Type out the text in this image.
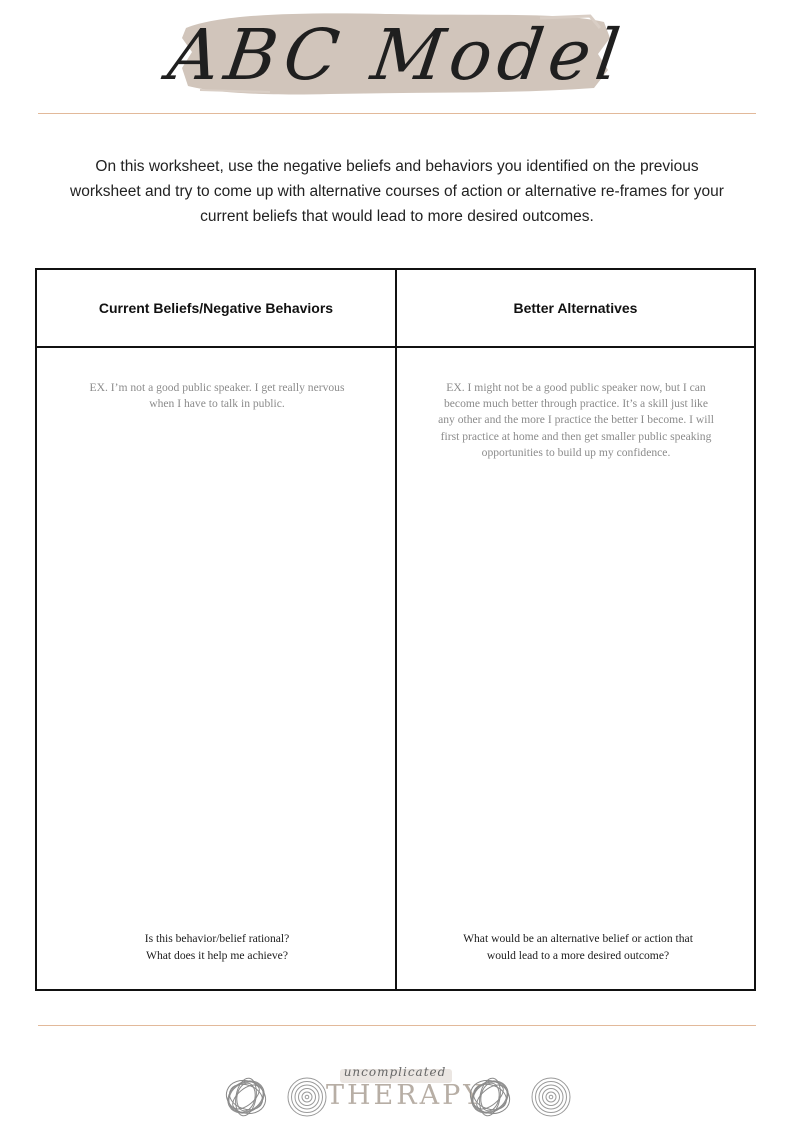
ABC Model

On this worksheet, use the negative beliefs and behaviors you identified on the previous worksheet and try to come up with alternative courses of action or alternative re-frames for your current beliefs that would lead to more desired outcomes.

Current Beliefs/Negative Behaviors	Better Alternatives

EX. I’m not a good public speaker. I get really nervous when I have to talk in public.

EX. I might not be a good public speaker now, but I can become much better through practice. It’s a skill just like any other and the more I practice the better I become. I will first practice at home and then get smaller public speaking opportunities to build up my confidence.

Is this behavior/belief rational?
What does it help me achieve?
What would be an alternative belief or action that
would lead to a more desired outcome?
uncomplicated
THERAPY
